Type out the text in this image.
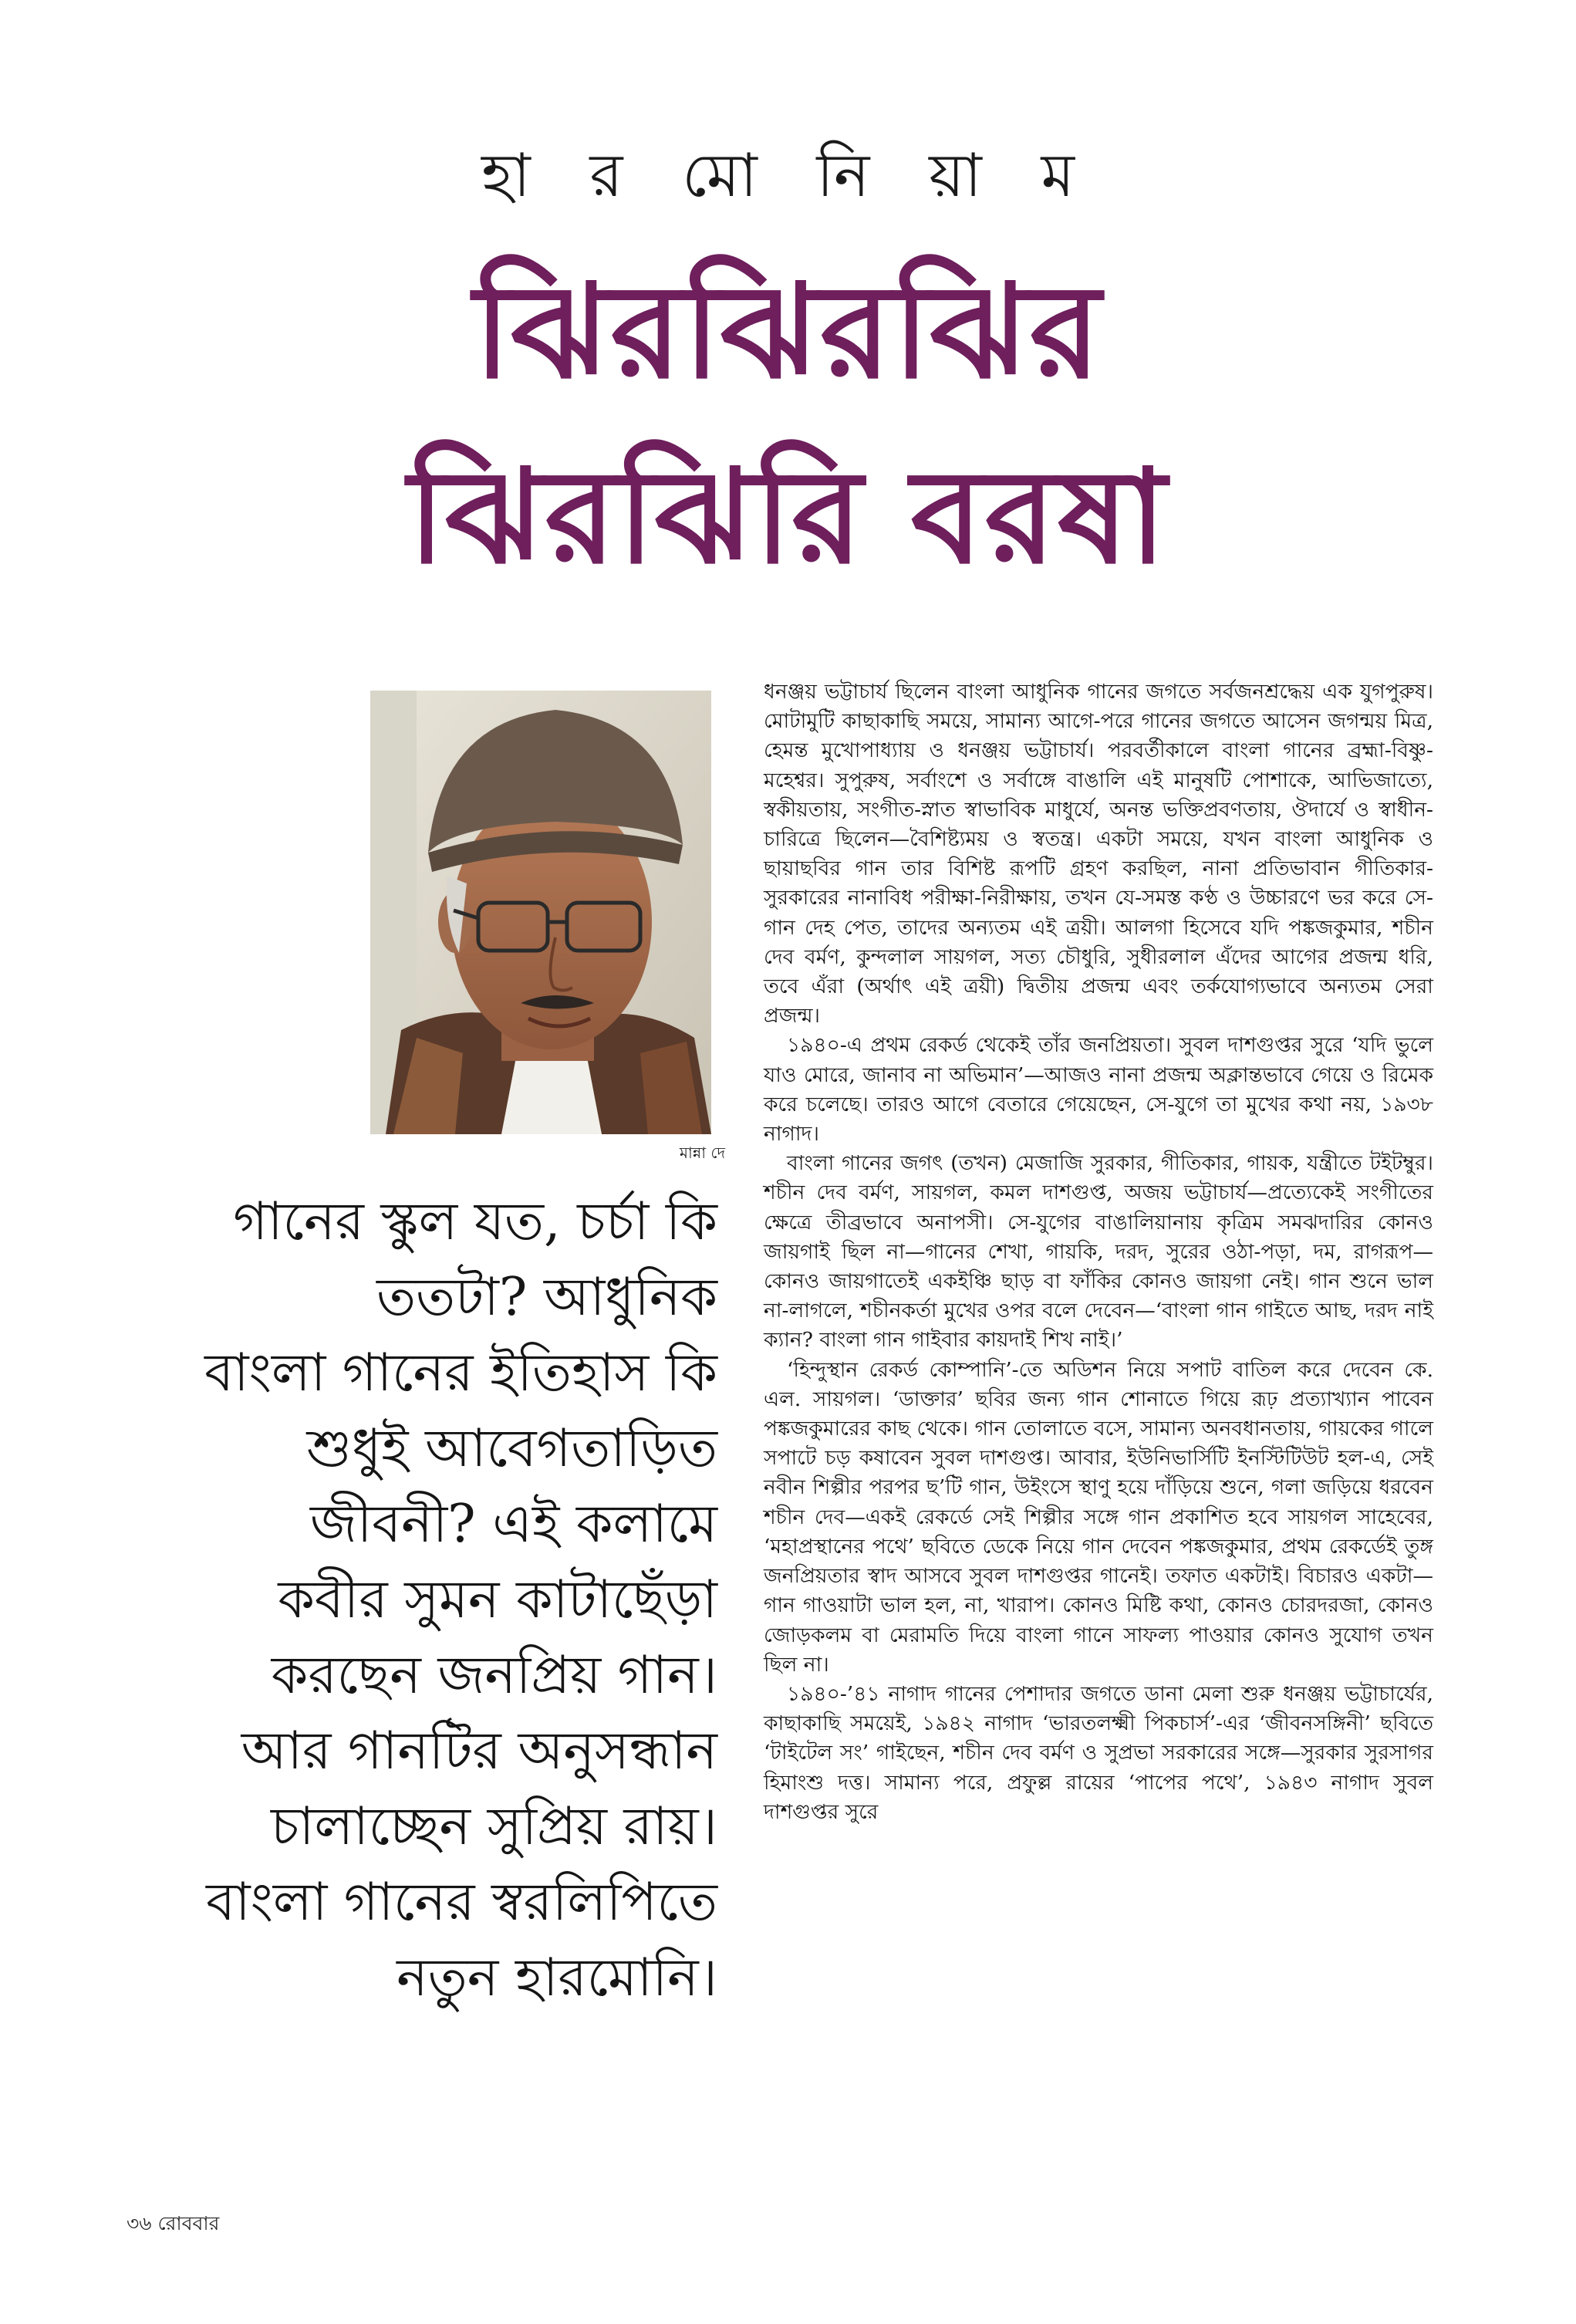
হা র মো নি য়া ম
ঝিরঝিরঝির
ঝিরঝিরি বরষা
মান্না দে

গানের স্কুল যত, চর্চা কি

ততটা? আধুনিক

বাংলা গানের ইতিহাস কি

শুধুই আবেগতাড়িত

জীবনী? এই কলামে

কবীর সুমন কাটাছেঁড়া

করছেন জনপ্রিয় গান।

আর গানটির অনুসন্ধান

চালাচ্ছেন সুপ্রিয় রায়।

বাংলা গানের স্বরলিপিতে

নতুন হারমোনি।

ধনঞ্জয় ভট্টাচার্য ছিলেন বাংলা আধুনিক গানের জগতে সর্বজনশ্রদ্ধেয় এক যুগপুরুষ। মোটামুটি কাছাকাছি সময়ে, সামান্য আগে-পরে গানের জগতে আসেন জগন্ময় মিত্র, হেমন্ত মুখোপাধ্যায় ও ধনঞ্জয় ভট্টাচার্য। পরবর্তীকালে বাংলা গানের ব্রহ্মা-বিষ্ণু-মহেশ্বর। সুপুরুষ, সর্বাংশে ও সর্বাঙ্গে বাঙালি এই মানুষটি পোশাকে, আভিজাত্যে, স্বকীয়তায়, সংগীত-স্নাত স্বাভাবিক মাধুর্যে, অনন্ত ভক্তিপ্রবণতায়, ঔদার্যে ও স্বাধীন-চারিত্রে ছিলেন—বৈশিষ্ট্যময় ও স্বতন্ত্র। একটা সময়ে, যখন বাংলা আধুনিক ও ছায়াছবির গান তার বিশিষ্ট রূপটি গ্রহণ করছিল, নানা প্রতিভাবান গীতিকার-সুরকারের নানাবিধ পরীক্ষা-নিরীক্ষায়, তখন যে-সমস্ত কণ্ঠ ও উচ্চারণে ভর করে সে-গান দেহ পেত, তাদের অন্যতম এই ত্রয়ী। আলগা হিসেবে যদি পঙ্কজকুমার, শচীন দেব বর্মণ, কুন্দলাল সায়গল, সত্য চৌধুরি, সুধীরলাল এঁদের আগের প্রজন্ম ধরি, তবে এঁরা (অর্থাৎ এই ত্রয়ী) দ্বিতীয় প্রজন্ম এবং তর্কযোগ্যভাবে অন্যতম সেরা প্রজন্ম।

১৯৪০-এ প্রথম রেকর্ড থেকেই তাঁর জনপ্রিয়তা। সুবল দাশগুপ্তর সুরে ‘যদি ভুলে যাও মোরে, জানাব না অভিমান’—আজও নানা প্রজন্ম অক্লান্তভাবে গেয়ে ও রিমেক করে চলেছে। তারও আগে বেতারে গেয়েছেন, সে-যুগে তা মুখের কথা নয়, ১৯৩৮ নাগাদ।

বাংলা গানের জগৎ (তখন) মেজাজি সুরকার, গীতিকার, গায়ক, যন্ত্রীতে টইটম্বুর। শচীন দেব বর্মণ, সায়গল, কমল দাশগুপ্ত, অজয় ভট্টাচার্য—প্রত্যেকেই সংগীতের ক্ষেত্রে তীব্রভাবে অনাপসী। সে-যুগের বাঙালিয়ানায় কৃত্রিম সমঝদারির কোনও জায়গাই ছিল না—গানের শেখা, গায়কি, দরদ, সুরের ওঠা-পড়া, দম, রাগরূপ—কোনও জায়গাতেই একইঞ্চি ছাড় বা ফাঁকির কোনও জায়গা নেই। গান শুনে ভাল না-লাগলে, শচীনকর্তা মুখের ওপর বলে দেবেন—‘বাংলা গান গাইতে আছ, দরদ নাই ক্যান? বাংলা গান গাইবার কায়দাই শিখ নাই।’

‘হিন্দুস্থান রেকর্ড কোম্পানি’-তে অডিশন নিয়ে সপাট বাতিল করে দেবেন কে. এল. সায়গল। ‘ডাক্তার’ ছবির জন্য গান শোনাতে গিয়ে রূঢ় প্রত্যাখ্যান পাবেন পঙ্কজকুমারের কাছ থেকে। গান তোলাতে বসে, সামান্য অনবধানতায়, গায়কের গালে সপাটে চড় কষাবেন সুবল দাশগুপ্ত। আবার, ইউনিভার্সিটি ইনস্টিটিউট হল-এ, সেই নবীন শিল্পীর পরপর ছ’টি গান, উইংসে স্থাণু হয়ে দাঁড়িয়ে শুনে, গলা জড়িয়ে ধরবেন শচীন দেব—একই রেকর্ডে সেই শিল্পীর সঙ্গে গান প্রকাশিত হবে সায়গল সাহেবের, ‘মহাপ্রস্থানের পথে’ ছবিতে ডেকে নিয়ে গান দেবেন পঙ্কজকুমার, প্রথম রেকর্ডেই তুঙ্গ জনপ্রিয়তার স্বাদ আসবে সুবল দাশগুপ্তর গানেই। তফাত একটাই। বিচারও একটা—গান গাওয়াটা ভাল হল, না, খারাপ। কোনও মিষ্টি কথা, কোনও চোরদরজা, কোনও জোড়কলম বা মেরামতি দিয়ে বাংলা গানে সাফল্য পাওয়ার কোনও সুযোগ তখন ছিল না।

১৯৪০-’৪১ নাগাদ গানের পেশাদার জগতে ডানা মেলা শুরু ধনঞ্জয় ভট্টাচার্যের, কাছাকাছি সময়েই, ১৯৪২ নাগাদ ‘ভারতলক্ষ্মী পিকচার্স’-এর ‘জীবনসঙ্গিনী’ ছবিতে ‘টাইটেল সং’ গাইছেন, শচীন দেব বর্মণ ও সুপ্রভা সরকারের সঙ্গে—সুরকার সুরসাগর হিমাংশু দত্ত। সামান্য পরে, প্রফুল্ল রায়ের ‘পাপের পথে’, ১৯৪৩ নাগাদ সুবল দাশগুপ্তর সুরে

৩৬ রোববার
